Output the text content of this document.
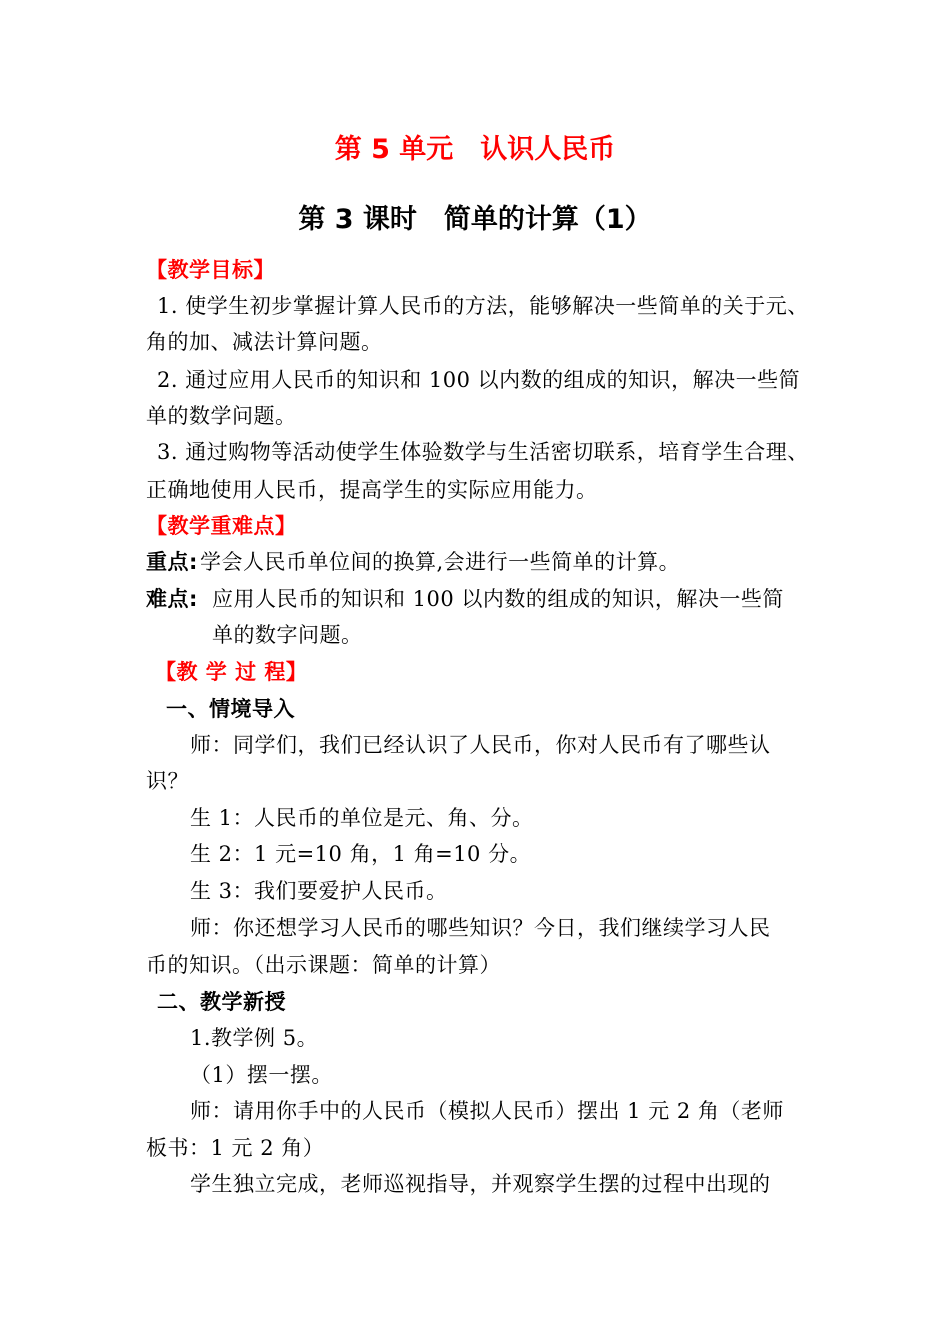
第 5 单元　认识人民币
第 3 课时　简单的计算（1）
【教学目标】
1. 使学生初步掌握计算人民币的方法，能够解决一些简单的关于元、
角的加、减法计算问题。
2. 通过应用人民币的知识和 100 以内数的组成的知识，解决一些简
单的数学问题。
3. 通过购物等活动使学生体验数学与生活密切联系，培育学生合理、
正确地使用人民币，提高学生的实际应用能力。
【教学重难点】
重点: 学会人民币单位间的换算,会进行一些简单的计算。
难点: 应用人民币的知识和 100 以内数的组成的知识，解决一些简
单的数字问题。
【教 学 过 程】
一、情境导入
师：同学们，我们已经认识了人民币，你对人民币有了哪些认
识？
生 1：人民币的单位是元、角、分。
生 2：1 元=10 角，1 角=10 分。
生 3：我们要爱护人民币。
师：你还想学习人民币的哪些知识？今日，我们继续学习人民
币的知识。（出示课题：简单的计算）
二、教学新授
1.教学例 5。
（1）摆一摆。
师：请用你手中的人民币（模拟人民币）摆出 1 元 2 角（老师
板书：1 元 2 角）
学生独立完成，老师巡视指导，并观察学生摆的过程中出现的
